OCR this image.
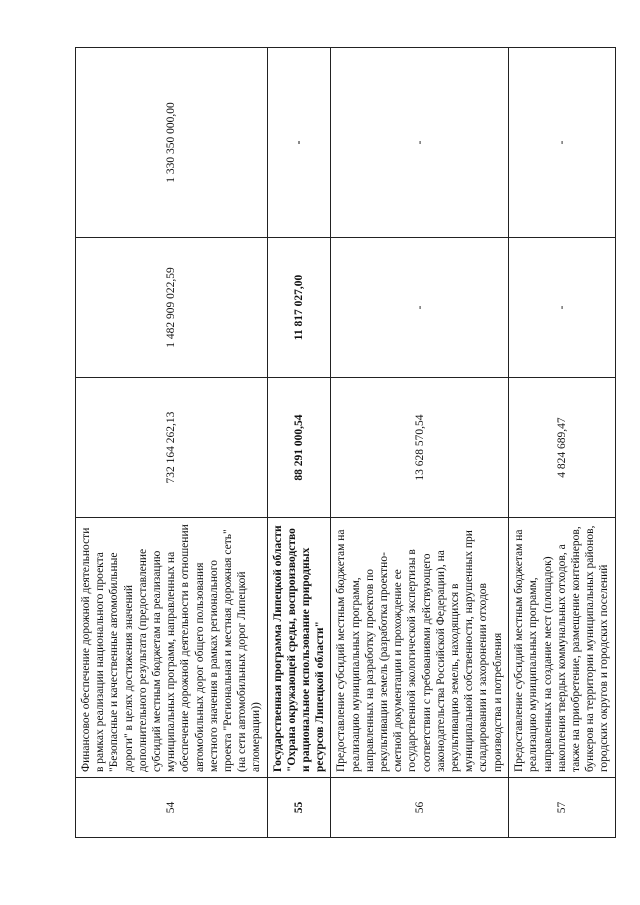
54	Финансовое обеспечение дорожной деятельности в рамках реализации национального проекта "Безопасные и качественные автомобильные дороги" в целях достижения значений дополнительного результата (предоставление субсидий местным бюджетам на реализацию муниципальных программ, направленных на обеспечение дорожной деятельности в отношении автомобильных дорог общего пользования местного значения в рамках регионального проекта "Региональная и местная дорожная сеть" (на сети автомобильных дорог Липецкой агломерации))	732 164 262,13	1 482 909 022,59	1 330 350 000,00
55	Государственная программа Липецкой области "Охрана окружающей среды, воспроизводство и рациональное использование природных ресурсов Липецкой области"	88 291 000,54	11 817 027,00	-
56	Предоставление субсидий местным бюджетам на реализацию муниципальных программ, направленных на разработку проектов по рекультивации земель (разработка проектно-сметной документации и прохождение ее государственной экологической экспертизы в соответствии с требованиями действующего законодательства Российской Федерации), на рекультивацию земель, находящихся в муниципальной собственности, нарушенных при складировании и захоронении отходов производства и потребления	13 628 570,54	-	-
57	Предоставление субсидий местным бюджетам на реализацию муниципальных программ, направленных на создание мест (площадок) накопления твердых коммунальных отходов, а также на приобретение, размещение контейнеров, бункеров на территории муниципальных районов, городских округов и городских поселений	4 824 689,47	-	-
